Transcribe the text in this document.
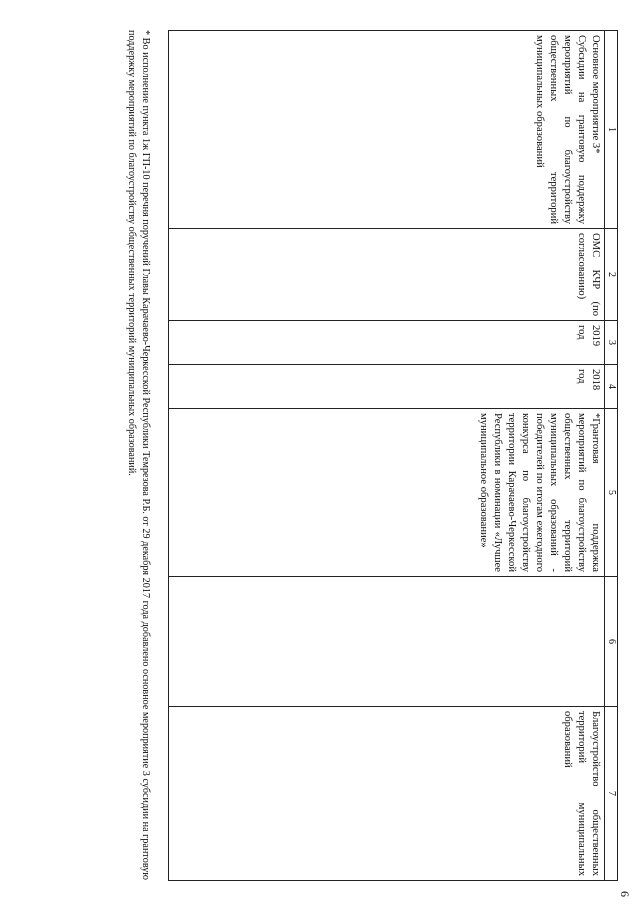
6
1	2	3	4	5	6	7

Основное мероприятие 3*
Субсидии на грантовую поддержку мероприятий по благоустройству общественных территорий муниципальных образований	ОМС КЧР (по согласованию)	2019 год	2018 год	*Грантовая поддержка мероприятий по благоустройству общественных территорий муниципальных образований - победителей по итогам ежегодного конкурса по благоустройству территории Карачаево-Черкесской Республики в номинации «Лучшее муниципальное образование»		Благоустройство общественных территорий муниципальных образований
* Во исполнение пункта 1ж ГП-10 перечня поручений Главы Карачаево-Черкесской Республики Темрезова Р.Б. от 29 декабря 2017 года добавлено основное мероприятие 3 субсидии на грантовую поддержку мероприятий по благоустройству общественных территорий муниципальных образований.
